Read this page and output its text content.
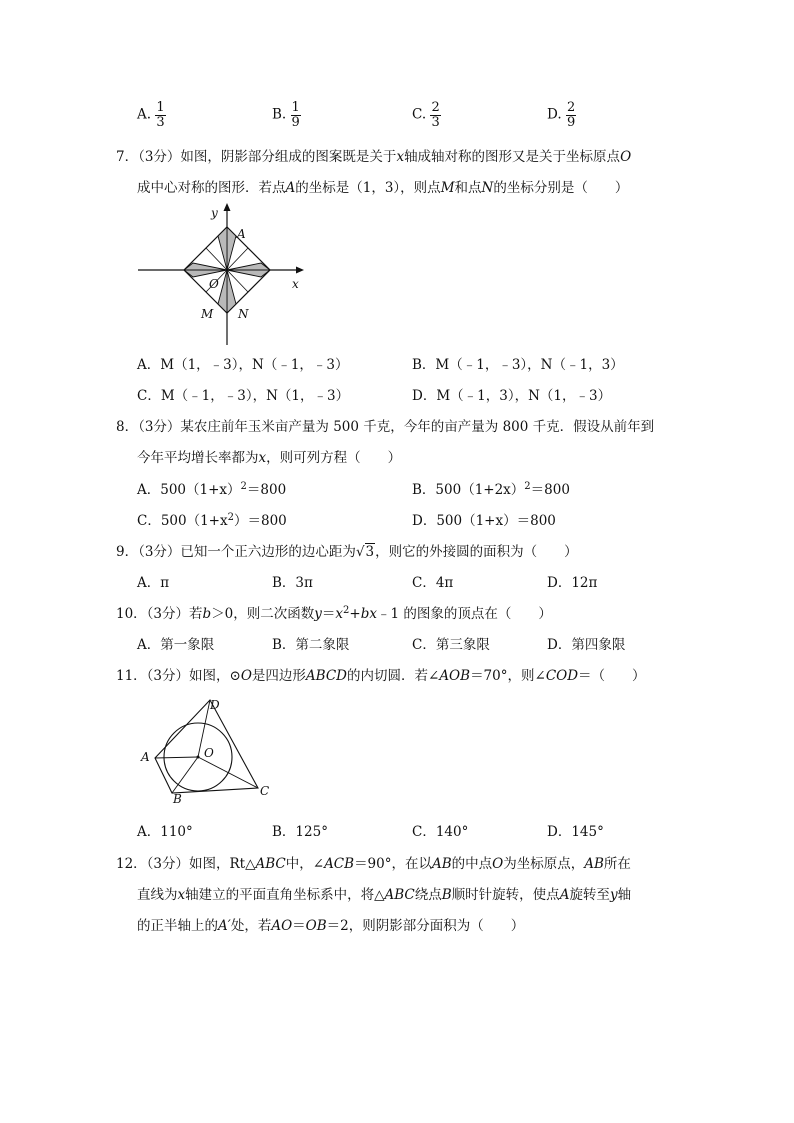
A. $\frac{1}{3}$	B. $\frac{1}{9}$	C. $\frac{2}{3}$	D. $\frac{2}{9}$
7．（3分）如图，阴影部分组成的图案既是关于x轴成轴对称的图形又是关于坐标原点O
成中心对称的图形．若点A的坐标是（1，3），则点M和点N的坐标分别是（　　）
y
x
A
O
M N
A．M（1，﹣3），N（﹣1，﹣3）	B．M（﹣1，﹣3），N（﹣1，3）
C．M（﹣1，﹣3），N（1，﹣3）	D．M（﹣1，3），N（1，﹣3）
8．（3分）某农庄前年玉米亩产量为 500 千克，今年的亩产量为 800 千克．假设从前年到
今年平均增长率都为x，则可列方程（　　）
A．$500(1+x)^2=800$	B．$500(1+2x)^2=800$
C．$500(1+x^2)=800$	D．500（1+x）＝800
9．（3分）已知一个正六边形的边心距为√3，则它的外接圆的面积为（　　）
A．π	B．3π	C．4π	D．12π
10．（3分）若b＞0，则二次函数$y=x^2+bx﹣1$ 的图象的顶点在（　　）
A．第一象限	B．第二象限	C．第三象限	D．第四象限
11．（3分）如图，⊙O是四边形ABCD的内切圆．若∠AOB＝70°，则∠COD＝（　　）
D
A	O
B
C
A．110°	B．125°	C．140°	D．145°
12．（3分）如图，Rt△ABC中，∠ACB＝90°，在以AB的中点O为坐标原点，AB所在
直线为x轴建立的平面直角坐标系中，将△ABC绕点B顺时针旋转，使点A旋转至y轴
的正半轴上的A′处，若AO＝OB＝2，则阴影部分面积为（　　）
